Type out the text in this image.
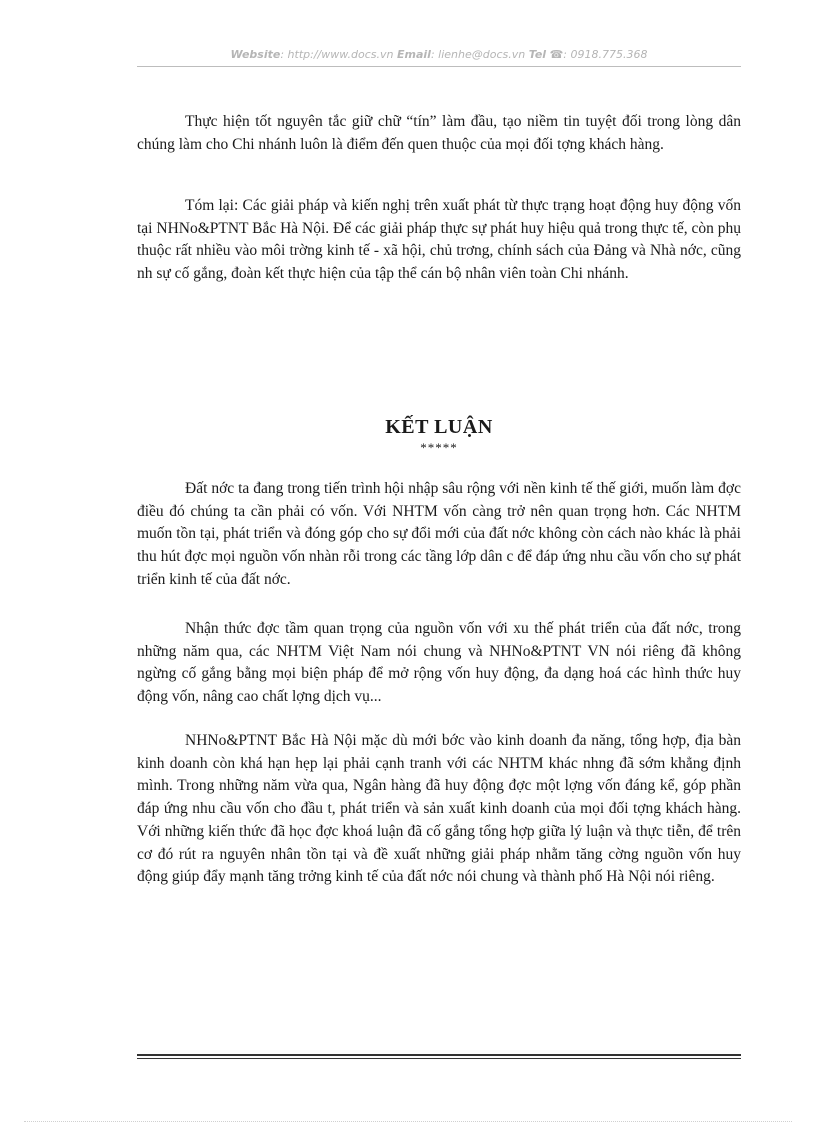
Website: http://www.docs.vn Email: lienhe@docs.vn Tel ☎: 0918.775.368

Thực hiện tốt nguyên tắc giữ chữ “tín” làm đầu, tạo niềm tin tuyệt đối trong lòng dân chúng làm cho Chi nhánh luôn là điểm đến quen thuộc của mọi đối tợng khách hàng.

Tóm lại: Các giải pháp và kiến nghị trên xuất phát từ thực trạng hoạt động huy động vốn tại NHNo&PTNT Bắc Hà Nội. Để các giải pháp thực sự phát huy hiệu quả trong thực tế, còn phụ thuộc rất nhiều vào môi trờng kinh tế - xã hội, chủ trơng, chính sách của Đảng và Nhà nớc, cũng nh sự cố gắng, đoàn kết thực hiện của tập thể cán bộ nhân viên toàn Chi nhánh.

KẾT LUẬN
*****

Đất nớc ta đang trong tiến trình hội nhập sâu rộng với nền kinh tế thế giới, muốn làm đợc điều đó chúng ta cần phải có vốn. Với NHTM vốn càng trở nên quan trọng hơn. Các NHTM muốn tồn tại, phát triển và đóng góp cho sự đổi mới của đất nớc không còn cách nào khác là phải thu hút đợc mọi nguồn vốn nhàn rỗi trong các tầng lớp dân c để đáp ứng nhu cầu vốn cho sự phát triển kinh tế của đất nớc.

Nhận thức đợc tầm quan trọng của nguồn vốn với xu thế phát triển của đất nớc, trong những năm qua, các NHTM Việt Nam nói chung và NHNo&PTNT VN nói riêng đã không ngừng cố gắng bằng mọi biện pháp để mở rộng vốn huy động, đa dạng hoá các hình thức huy động vốn, nâng cao chất lợng dịch vụ...

NHNo&PTNT Bắc Hà Nội mặc dù mới bớc vào kinh doanh đa năng, tổng hợp, địa bàn kinh doanh còn khá hạn hẹp lại phải cạnh tranh với các NHTM khác nhng đã sớm khẳng định mình. Trong những năm vừa qua, Ngân hàng đã huy động đợc một lợng vốn đáng kể, góp phần đáp ứng nhu cầu vốn cho đầu t, phát triển và sản xuất kinh doanh của mọi đối tợng khách hàng. Với những kiến thức đã học đợc khoá luận đã cố gắng tổng hợp giữa lý luận và thực tiễn, để trên cơ đó rút ra nguyên nhân tồn tại và đề xuất những giải pháp nhằm tăng cờng nguồn vốn huy động giúp đẩy mạnh tăng trởng kinh tế của đất nớc nói chung và thành phố Hà Nội nói riêng.
